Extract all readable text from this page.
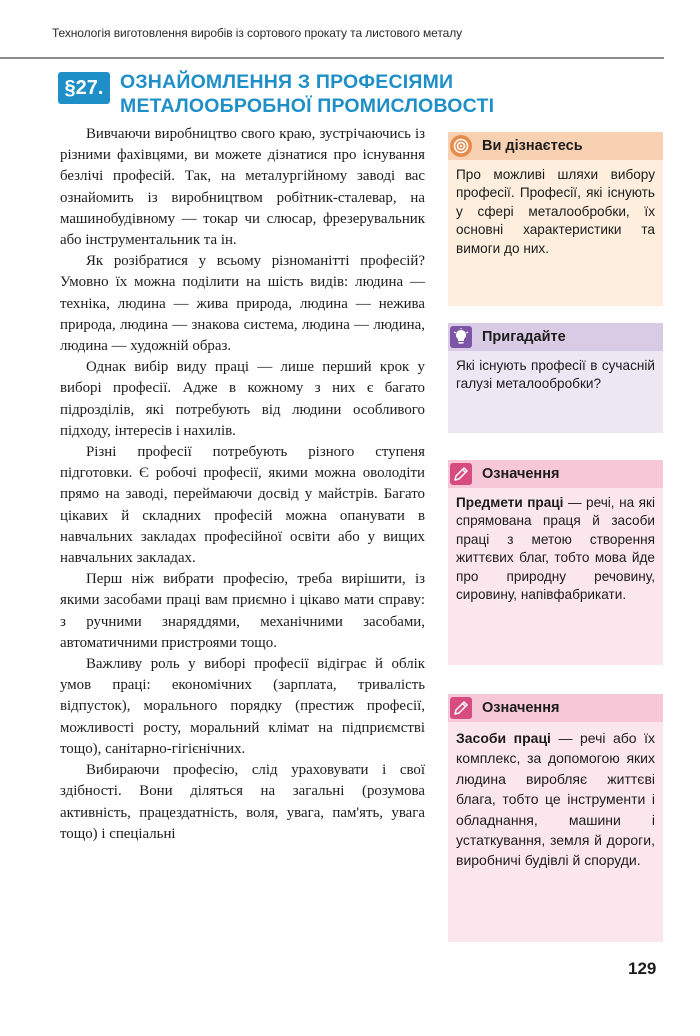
Технологія виготовлення виробів із сортового прокату та листового металу
§27. ОЗНАЙОМЛЕННЯ З ПРОФЕСІЯМИ
МЕТАЛООБРОБНОЇ ПРОМИСЛОВОСТІ

Вивчаючи виробництво свого краю, зустрічаючись із різними фахівцями, ви можете дізнатися про існування безлічі професій. Так, на металургійному заводі вас ознайомить із виробництвом робітник-сталевар, на машинобудівному — токар чи слюсар, фрезерувальник або інструментальник та ін.

Як розібратися у всьому різноманітті професій? Умовно їх можна поділити на шість видів: людина — техніка, людина — жива природа, людина — нежива природа, людина — знакова система, людина — людина, людина — художній образ.

Однак вибір виду праці — лише перший крок у виборі професії. Адже в кожному з них є багато підрозділів, які потребують від людини особливого підходу, інтересів і нахилів.

Різні професії потребують різного ступеня підготовки. Є робочі професії, якими можна оволодіти прямо на заводі, переймаючи досвід у майстрів. Багато цікавих й складних професій можна опанувати в навчальних закладах професійної освіти або у вищих навчальних закладах.

Перш ніж вибрати професію, треба вирішити, із якими засобами праці вам приємно і цікаво мати справу: з ручними знаряддями, механічними засобами, автоматичними пристроями тощо.

Важливу роль у виборі професії відіграє й облік умов праці: економічних (зарплата, тривалість відпусток), морального порядку (престиж професії, можливості росту, моральний клімат на підприємстві тощо), санітарно-гігієнічних.

Вибираючи професію, слід ураховувати і свої здібності. Вони діляться на загальні (розумова активність, працездатність, воля, увага, пам'ять, увага тощо) і спеціальні

Ви дізнаєтесь
Про можливі шляхи вибору професії. Професії, які існують у сфері металообробки, їх основні характеристики та вимоги до них.
Пригадайте
Які існують професії в сучасній галузі металообробки?
Означення
Предмети праці — речі, на які спрямована праця й засоби праці з метою створення життєвих благ, тобто мова йде про природну речовину, сировину, напівфабрикати.
Означення
Засоби праці — речі або їх комплекс, за допомогою яких людина виробляє життєві блага, тобто це інструменти і обладнання, машини і устаткування, земля й дороги, виробничі будівлі й споруди.
129
